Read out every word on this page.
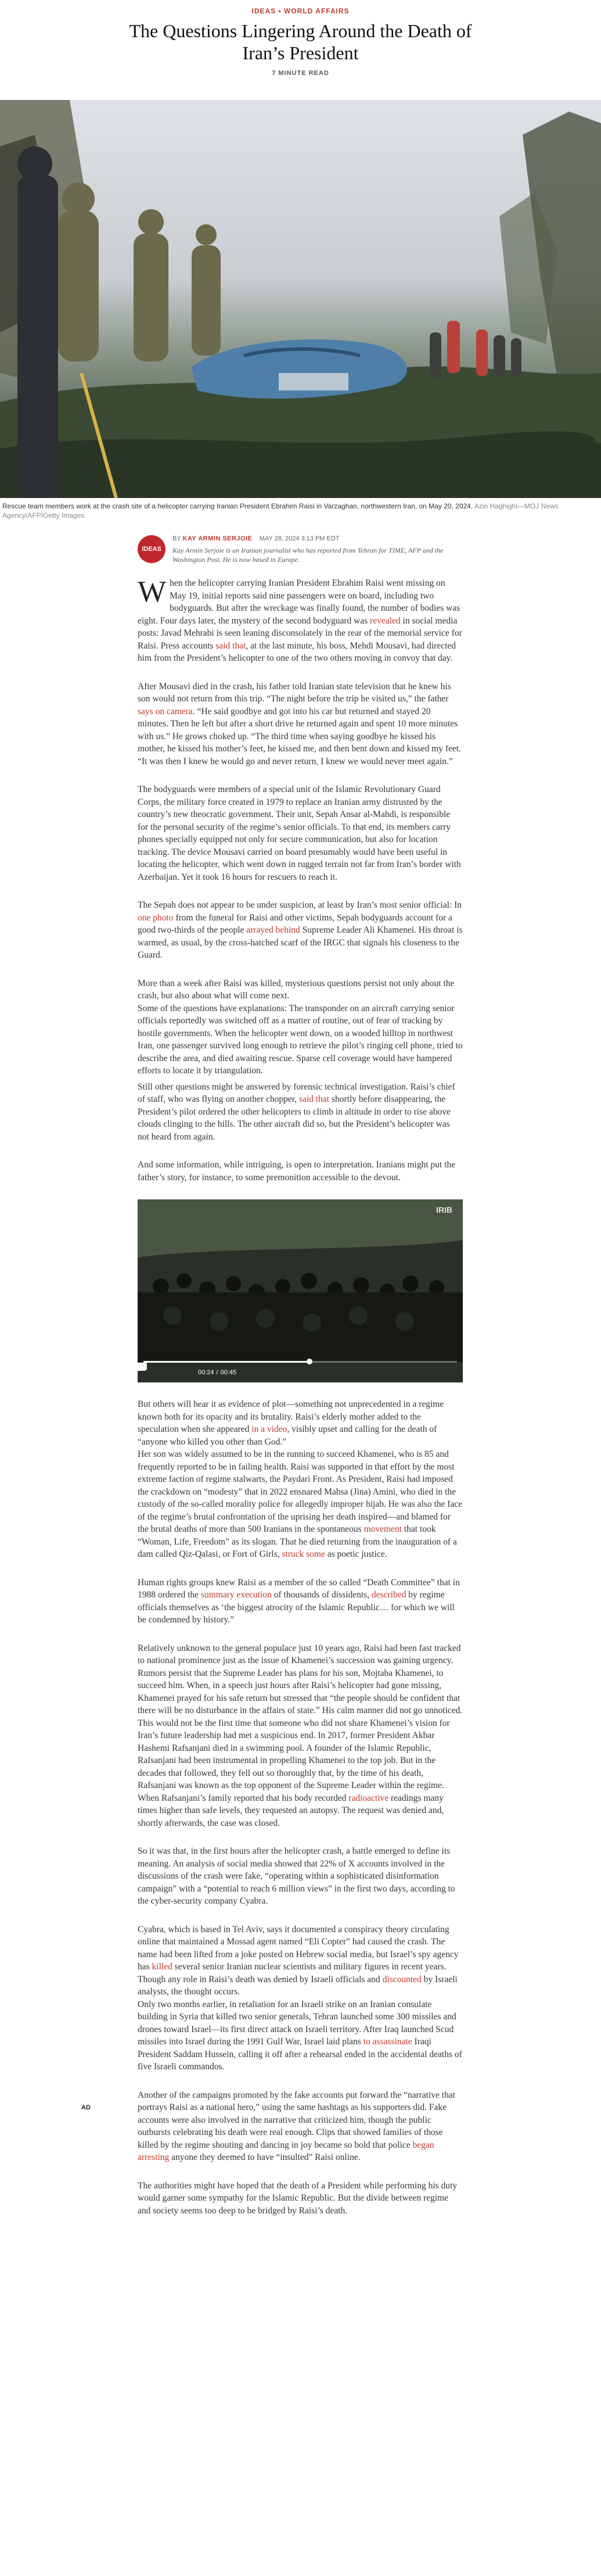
IDEAS • WORLD AFFAIRS
The Questions Lingering Around the Death of Iran’s President
7 MINUTE READ
Rescue team members work at the crash site of a helicopter carrying Iranian President Ebrahim Raisi in Varzaghan, northwestern Iran, on May 20, 2024. Azin Haghighi—MOJ News Agency/AFP/Getty Images
IDEAS
BY KAY ARMIN SERJOIE MAY 28, 2024 3:13 PM EDT
Kay Armin Serjoie is an Iranian journalist who has reported from Tehran for TIME, AFP and the Washington Post. He is now based in Europe.

When the helicopter carrying Iranian President Ebrahim Raisi went missing on May 19, initial reports said nine passengers were on board, including two bodyguards. But after the wreckage was finally found, the number of bodies was eight. Four days later, the mystery of the second bodyguard was revealed in social media posts: Javad Mehrabi is seen leaning disconsolately in the rear of the memorial service for Raisi. Press accounts said that, at the last minute, his boss, Mehdi Mousavi, had directed him from the President’s helicopter to one of the two others moving in convoy that day.

After Mousavi died in the crash, his father told Iranian state television that he knew his son would not return from this trip. “The night before the trip he visited us,” the father says on camera. “He said goodbye and got into his car but returned and stayed 20 minutes. Then he left but after a short drive he returned again and spent 10 more minutes with us.” He grows choked up. “The third time when saying goodbye he kissed his mother, he kissed his mother’s feet, he kissed me, and then bent down and kissed my feet.

“It was then I knew he would go and never return, I knew we would never meet again.”

The bodyguards were members of a special unit of the Islamic Revolutionary Guard Corps, the military force created in 1979 to replace an Iranian army distrusted by the country’s new theocratic government. Their unit, Sepah Ansar al-Mahdi, is responsible for the personal security of the regime’s senior officials. To that end, its members carry phones specially equipped not only for secure communication, but also for location tracking. The device Mousavi carried on board presumably would have been useful in locating the helicopter, which went down in rugged terrain not far from Iran’s border with Azerbaijan. Yet it took 16 hours for rescuers to reach it.

The Sepah does not appear to be under suspicion, at least by Iran’s most senior official: In one photo from the funeral for Raisi and other victims, Sepah bodyguards account for a good two-thirds of the people arrayed behind Supreme Leader Ali Khamenei. His throat is warmed, as usual, by the cross-hatched scarf of the IRGC that signals his closeness to the Guard.

More than a week after Raisi was killed, mysterious questions persist not only about the crash, but also about what will come next.

Some of the questions have explanations: The transponder on an aircraft carrying senior officials reportedly was switched off as a matter of routine, out of fear of tracking by hostile governments. When the helicopter went down, on a wooded hilltop in northwest Iran, one passenger survived long enough to retrieve the pilot’s ringing cell phone, tried to describe the area, and died awaiting rescue. Sparse cell coverage would have hampered efforts to locate it by triangulation.

Still other questions might be answered by forensic technical investigation. Raisi’s chief of staff, who was flying on another chopper, said that shortly before disappearing, the President’s pilot ordered the other helicopters to climb in altitude in order to rise above clouds clinging to the hills. The other aircraft did so, but the President’s helicopter was not heard from again.

And some information, while intriguing, is open to interpretation. Iranians might put the father’s story, for instance, to some premonition accessible to the devout.

IRIB
00:24 / 00:45

But others will hear it as evidence of plot—something not unprecedented in a regime known both for its opacity and its brutality. Raisi’s elderly mother added to the speculation when she appeared in a video, visibly upset and calling for the death of “anyone who killed you other than God.”

Her son was widely assumed to be in the running to succeed Khamenei, who is 85 and frequently reported to be in failing health. Raisi was supported in that effort by the most extreme faction of regime stalwarts, the Paydari Front. As President, Raisi had imposed the crackdown on “modesty” that in 2022 ensnared Mahsa (Jina) Amini, who died in the custody of the so-called morality police for allegedly improper hijab. He was also the face of the regime’s brutal confrontation of the uprising her death inspired—and blamed for the brutal deaths of more than 500 Iranians in the spontaneous movement that took “Woman, Life, Freedom” as its slogan. That he died returning from the inauguration of a dam called Qiz-Qalasi, or Fort of Girls, struck some as poetic justice.

Human rights groups knew Raisi as a member of the so called “Death Committee” that in 1988 ordered the summary execution of thousands of dissidents, described by regime officials themselves as ‘the biggest atrocity of the Islamic Republic… for which we will be condemned by history.”

Relatively unknown to the general populace just 10 years ago, Raisi had been fast tracked to national prominence just as the issue of Khamenei’s succession was gaining urgency. Rumors persist that the Supreme Leader has plans for his son, Mojtaba Khamenei, to succeed him. When, in a speech just hours after Raisi’s helicopter had gone missing, Khamenei prayed for his safe return but stressed that “the people should be confident that there will be no disturbance in the affairs of state.” His calm manner did not go unnoticed.

This would not be the first time that someone who did not share Khamenei’s vision for Iran’s future leadership had met a suspicious end. In 2017, former President Akbar Hashemi Rafsanjani died in a swimming pool. A founder of the Islamic Republic, Rafsanjani had been instrumental in propelling Khamenei to the top job. But in the decades that followed, they fell out so thoroughly that, by the time of his death, Rafsanjani was known as the top opponent of the Supreme Leader within the regime. When Rafsanjani’s family reported that his body recorded radioactive readings many times higher than safe levels, they requested an autopsy. The request was denied and, shortly afterwards, the case was closed.

So it was that, in the first hours after the helicopter crash, a battle emerged to define its meaning. An analysis of social media showed that 22% of X accounts involved in the discussions of the crash were fake, “operating within a sophisticated disinformation campaign” with a “potential to reach 6 million views” in the first two days, according to the cyber-security company Cyabra.

Cyabra, which is based in Tel Aviv, says it documented a conspiracy theory circulating online that maintained a Mossad agent named “Eli Copter” had caused the crash. The name had been lifted from a joke posted on Hebrew social media, but Israel’s spy agency has killed several senior Iranian nuclear scientists and military figures in recent years. Though any role in Raisi’s death was denied by Israeli officials and discounted by Israeli analysts, the thought occurs.

Only two months earlier, in retaliation for an Israeli strike on an Iranian consulate building in Syria that killed two senior generals, Tehran launched some 300 missiles and drones toward Israel—its first direct attack on Israeli territory. After Iraq launched Scud missiles into Israel during the 1991 Gulf War, Israel laid plans to assassinate Iraqi President Saddam Hussein, calling it off after a rehearsal ended in the accidental deaths of five Israeli commandos.

Another of the campaigns promoted by the fake accounts put forward the “narrative that portrays Raisi as a national hero,” using the same hashtags as his supporters did. Fake accounts were also involved in the narrative that criticized him, though the public outbursts celebrating his death were real enough. Clips that showed families of those killed by the regime shouting and dancing in joy became so bold that police began arresting anyone they deemed to have “insulted” Raisi online.

The authorities might have hoped that the death of a President while performing his duty would garner some sympathy for the Islamic Republic. But the divide between regime and society seems too deep to be bridged by Raisi’s death.

AD
